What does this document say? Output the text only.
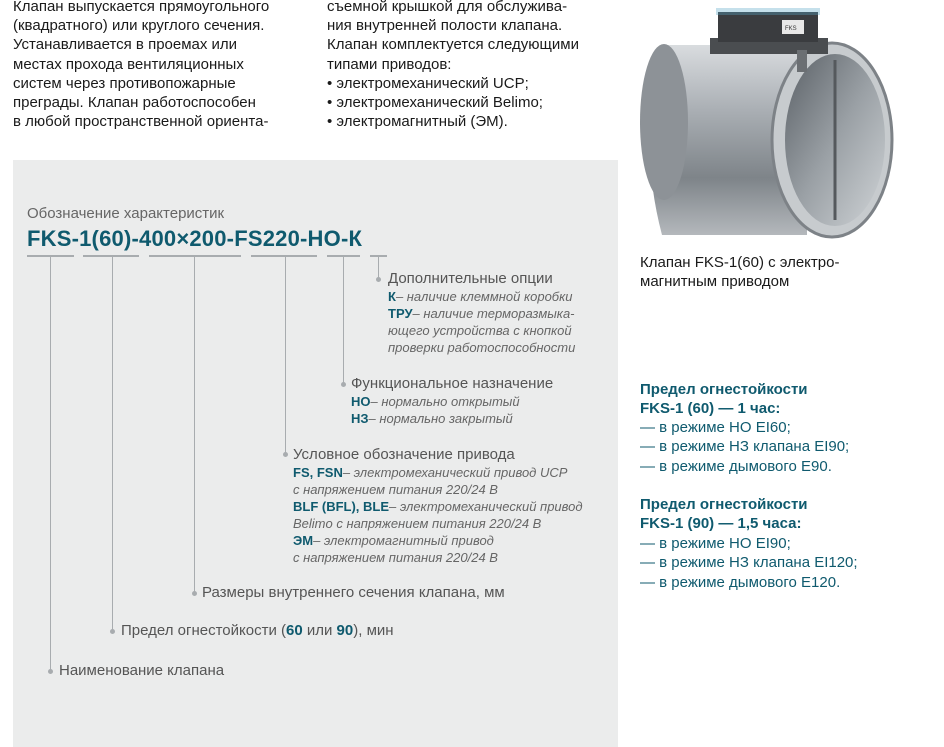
Клапан выпускается прямоугольного
(квадратного) или круглого сечения.
Устанавливается в проемах или
местах прохода вентиляционных
систем через противопожарные
преграды. Клапан работоспособен
в любой пространственной ориента-
съемной крышкой для обслужива-
ния внутренней полости клапана.
Клапан комплектуется следующими
типами приводов:
• электромеханический UCP;
• электромеханический Belimo;
• электромагнитный (ЭМ).
Обозначение характеристик
FKS-1(60)-400×200-FS220-НО-К
Дополнительные опции
К– наличие клеммной коробки
ТРУ– наличие терморазмыка-
ющего устройства с кнопкой
проверки работоспособности
Функциональное назначение
НО– нормально открытый
НЗ– нормально закрытый
Условное обозначение привода
FS, FSN– электромеханический привод UCP
с напряжением питания 220/24 В
BLF (BFL), BLE– электромеханический привод
Belimo с напряжением питания 220/24 В
ЭМ– электромагнитный привод
с напряжением питания 220/24 В
Размеры внутреннего сечения клапана, мм
Предел огнестойкости (60 или 90), мин
Наименование клапана
FKS
Клапан FKS-1(60) с электро-
магнитным приводом
Предел огнестойкости
FKS-1 (60) — 1 час:
— в режиме НО EI60;
— в режиме НЗ клапана EI90;
— в режиме дымового Е90.
Предел огнестойкости
FKS-1 (90) — 1,5 часа:
— в режиме НО EI90;
— в режиме НЗ клапана EI120;
— в режиме дымового Е120.
